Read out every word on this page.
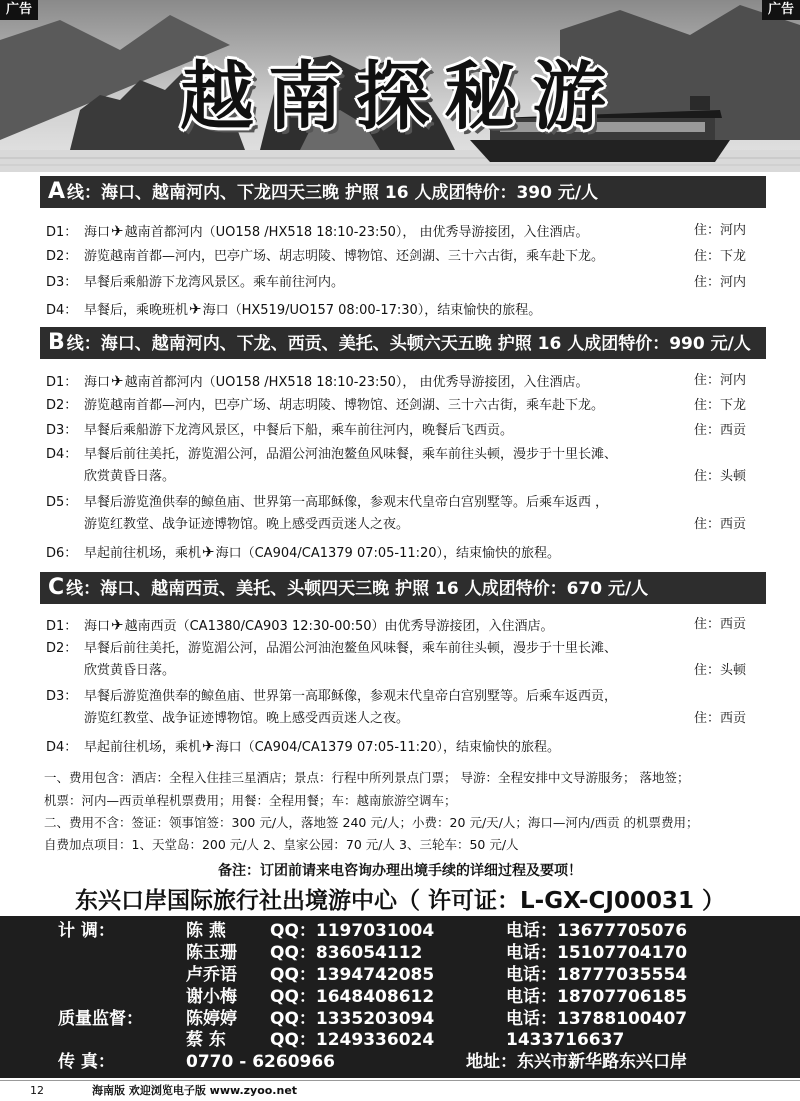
广告	广告
越南探秘游
A 线：海口、越南河内、下龙四天三晚 护照 16 人成团特价：390 元/人
D1： 海口✈越南首都河内（UO158 /HX518 18:10-23:50）， 由优秀导游接团，入住酒店。	住：河内
D2： 游览越南首都—河内，巴亭广场、胡志明陵、博物馆、还剑湖、三十六古街，乘车赴下龙。	住：下龙
D3： 早餐后乘船游下龙湾风景区。乘车前往河内。	住：河内
D4： 早餐后，乘晚班机✈海口（HX519/UO157 08:00-17:30），结束愉快的旅程。
B 线：海口、越南河内、下龙、西贡、美托、头顿六天五晚 护照 16 人成团特价：990 元/人
D1： 海口✈越南首都河内（UO158 /HX518 18:10-23:50）， 由优秀导游接团，入住酒店。	住：河内
D2： 游览越南首都—河内，巴亭广场、胡志明陵、博物馆、还剑湖、三十六古街，乘车赴下龙。	住：下龙
D3： 早餐后乘船游下龙湾风景区，中餐后下船，乘车前往河内，晚餐后飞西贡。	住：西贡
D4： 早餐后前往美托，游览湄公河，品湄公河油泡鳌鱼风味餐，乘车前往头顿，漫步于十里长滩、
欣赏黄昏日落。	住：头顿
D5： 早餐后游览渔供奉的鲸鱼庙、世界第一高耶稣像，参观末代皇帝白宫别墅等。后乘车返西 ，
游览红教堂、战争证迹博物馆。晚上感受西贡迷人之夜。	住：西贡
D6： 早起前往机场，乘机✈海口（CA904/CA1379 07:05-11:20），结束愉快的旅程。
C 线：海口、越南西贡、美托、头顿四天三晚 护照 16 人成团特价：670 元/人
D1： 海口✈越南西贡（CA1380/CA903 12:30-00:50）由优秀导游接团，入住酒店。	住：西贡
D2： 早餐后前往美托，游览湄公河，品湄公河油泡鳌鱼风味餐，乘车前往头顿，漫步于十里长滩、
欣赏黄昏日落。	住：头顿
D3： 早餐后游览渔供奉的鲸鱼庙、世界第一高耶稣像，参观末代皇帝白宫别墅等。后乘车返西贡，
游览红教堂、战争证迹博物馆。晚上感受西贡迷人之夜。	住：西贡
D4： 早起前往机场，乘机✈海口（CA904/CA1379 07:05-11:20），结束愉快的旅程。
一、费用包含：酒店：全程入住挂三星酒店；景点：行程中所列景点门票； 导游：全程安排中文导游服务； 落地签；
机票：河内—西贡单程机票费用；用餐：全程用餐；车：越南旅游空调车；
二、费用不含：签证：领事馆签：300 元/人，落地签 240 元/人；小费：20 元/天/人；海口—河内/西贡 的机票费用；
自费加点项目：1、天堂岛：200 元/人 2、皇家公园：70 元/人 3、三轮车：50 元/人
备注：订团前请来电咨询办理出境手续的详细过程及要项！
东兴口岸国际旅行社出境游中心（ 许可证：L-GX-CJ00031 ）
计 调：	陈 燕	QQ：1197031004	电话：13677705076
陈玉珊 QQ：836054112	电话：15107704170
卢乔语 QQ：1394742085	电话：18777035554
谢小梅 QQ：1648408612	电话：18707706185
质量监督：	陈婷婷 QQ：1335203094	电话：13788100407
蔡 东	QQ：1249336024	1433716637
传 真：	0770 - 6260966	地址：东兴市新华路东兴口岸
12	海南版 欢迎浏览电子版 www.zyoo.net
